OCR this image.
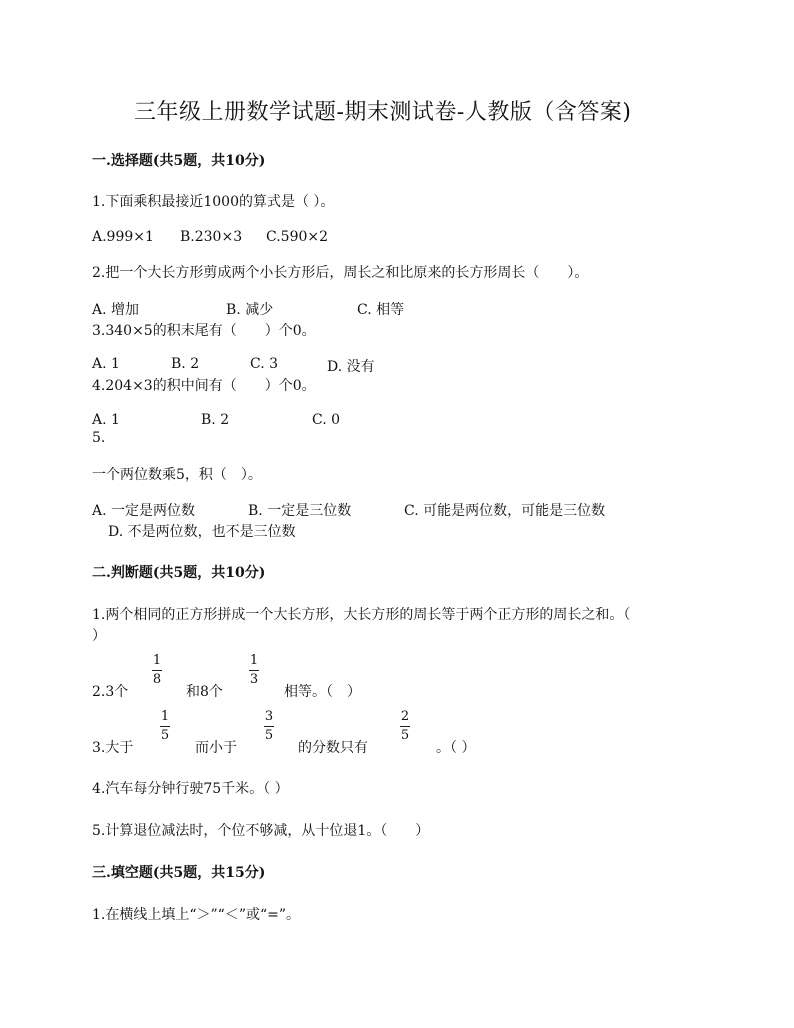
三年级上册数学试题-期末测试卷-人教版（含答案)
一.选择题(共5题，共10分)
1.下面乘积最接近1000的算式是（ ）。
A.999×1 B.230×3 C.590×2
2.把一个大长方形剪成两个小长方形后，周长之和比原来的长方形周长（　　）。
A. 增加	B. 减少	C. 相等
3.340×5的积末尾有（　　）个0。
A. 1	B. 2	C. 3	D. 没有
4.204×3的积中间有（　　）个0。
A. 1	B. 2	C. 0
5.
一个两位数乘5，积（　）。
A. 一定是两位数	B. 一定是三位数	C. 可能是两位数，可能是三位数
D. 不是两位数，也不是三位数
二.判断题(共5题，共10分)
1.两个相同的正方形拼成一个大长方形，大长方形的周长等于两个正方形的周长之和。（
）
2.3个
1
8
和8个
1
3
相等。（　）
3.大于
1
5
而小于
3
5
的分数只有
2
5
。（ ）
4.汽车每分钟行驶75千米。（ ）
5.计算退位减法时，个位不够减，从十位退1。（　　）
三.填空题(共5题，共15分)
1.在横线上填上“＞”“＜”或“=”。
